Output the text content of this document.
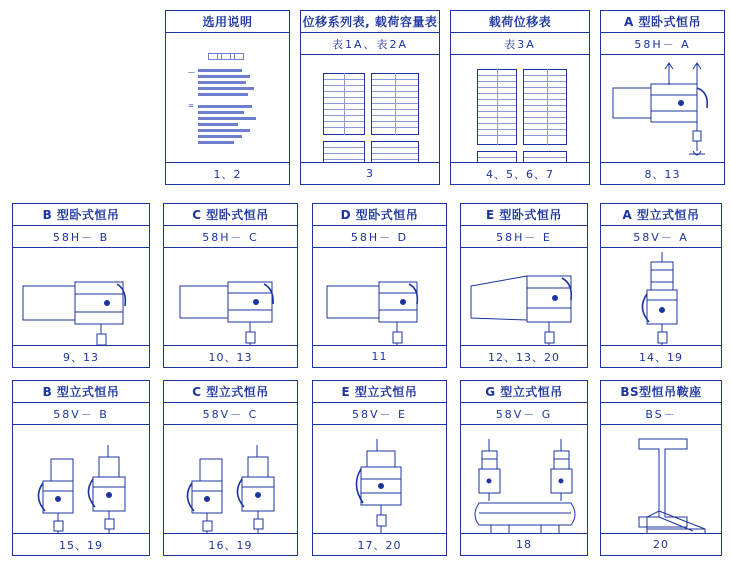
选用说明
—
=
1、2
位移系列表, 载荷容量表
表1A、表2A
3
载荷位移表
表3A
4、5、6、7
A 型卧式恒吊
58H－ A
8、13
B 型卧式恒吊
58H－ B
9、13
C 型卧式恒吊
58H－ C
10、13
D 型卧式恒吊
58H－ D
11
E 型卧式恒吊
58H－ E
12、13、20
A 型立式恒吊
58V－ A
14、19
B 型立式恒吊
58V－ B
15、19
C 型立式恒吊
58V－ C
16、19
E 型立式恒吊
58V－ E
17、20
G 型立式恒吊
58V－ G
18
BS型恒吊鞍座
BS－
20
